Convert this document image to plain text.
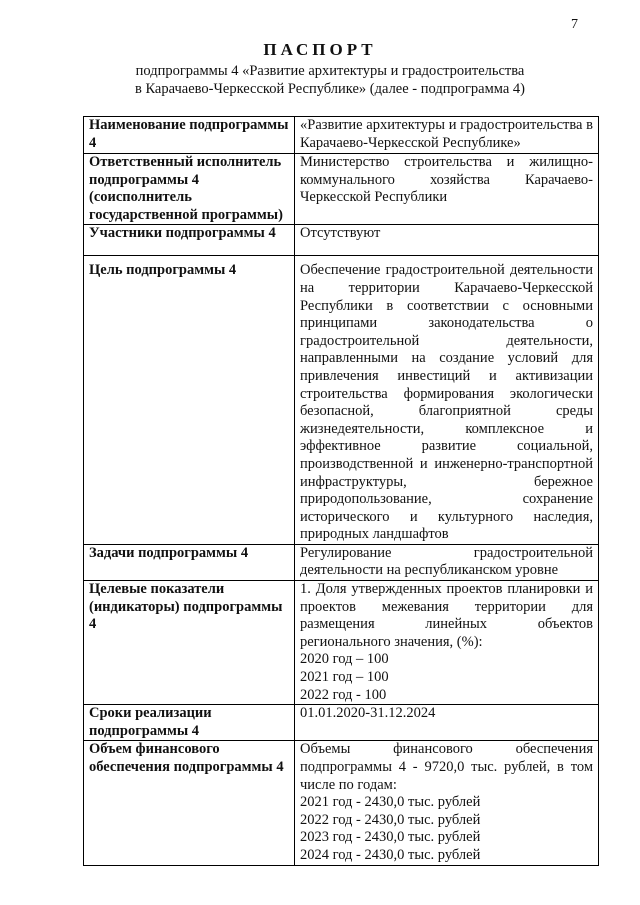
7
ПАСПОРТ
подпрограммы 4 «Развитие архитектуры и градостроительства
в Карачаево-Черкесской Республике» (далее - подпрограмма 4)
Наименование подпрограммы 4	«Развитие архитектуры и градостроительства в Карачаево-Черкесской Республике»
Ответственный исполнитель подпрограммы 4 (соисполнитель государственной программы)	Министерство строительства и жилищно-коммунального хозяйства Карачаево-Черкесской Республики
Участники подпрограммы 4	Отсутствуют
Цель подпрограммы 4	Обеспечение градостроительной деятельности на территории Карачаево-Черкесской Республики в соответствии с основными принципами законодательства о градостроительной деятельности, направленными на создание условий для привлечения инвестиций и активизации строительства формирования экологически безопасной, благоприятной среды жизнедеятельности, комплексное и эффективное развитие социальной, производственной и инженерно-транспортной инфраструктуры, бережное природопользование, сохранение исторического и культурного наследия, природных ландшафтов
Задачи подпрограммы 4	Регулирование градостроительной деятельности на республиканском уровне
Целевые показатели (индикаторы) подпрограммы 4	1. Доля утвержденных проектов планировки и проектов межевания территории для размещения линейных объектов регионального значения, (%):
2020 год – 100
2021 год – 100
2022 год - 100

Сроки реализации подпрограммы 4	01.01.2020-31.12.2024
Объем финансового обеспечения подпрограммы 4	Объемы финансового обеспечения подпрограммы 4 - 9720,0 тыс. рублей, в том числе по годам:
2021 год - 2430,0 тыс. рублей
2022 год - 2430,0 тыс. рублей
2023 год - 2430,0 тыс. рублей
2024 год - 2430,0 тыс. рублей
